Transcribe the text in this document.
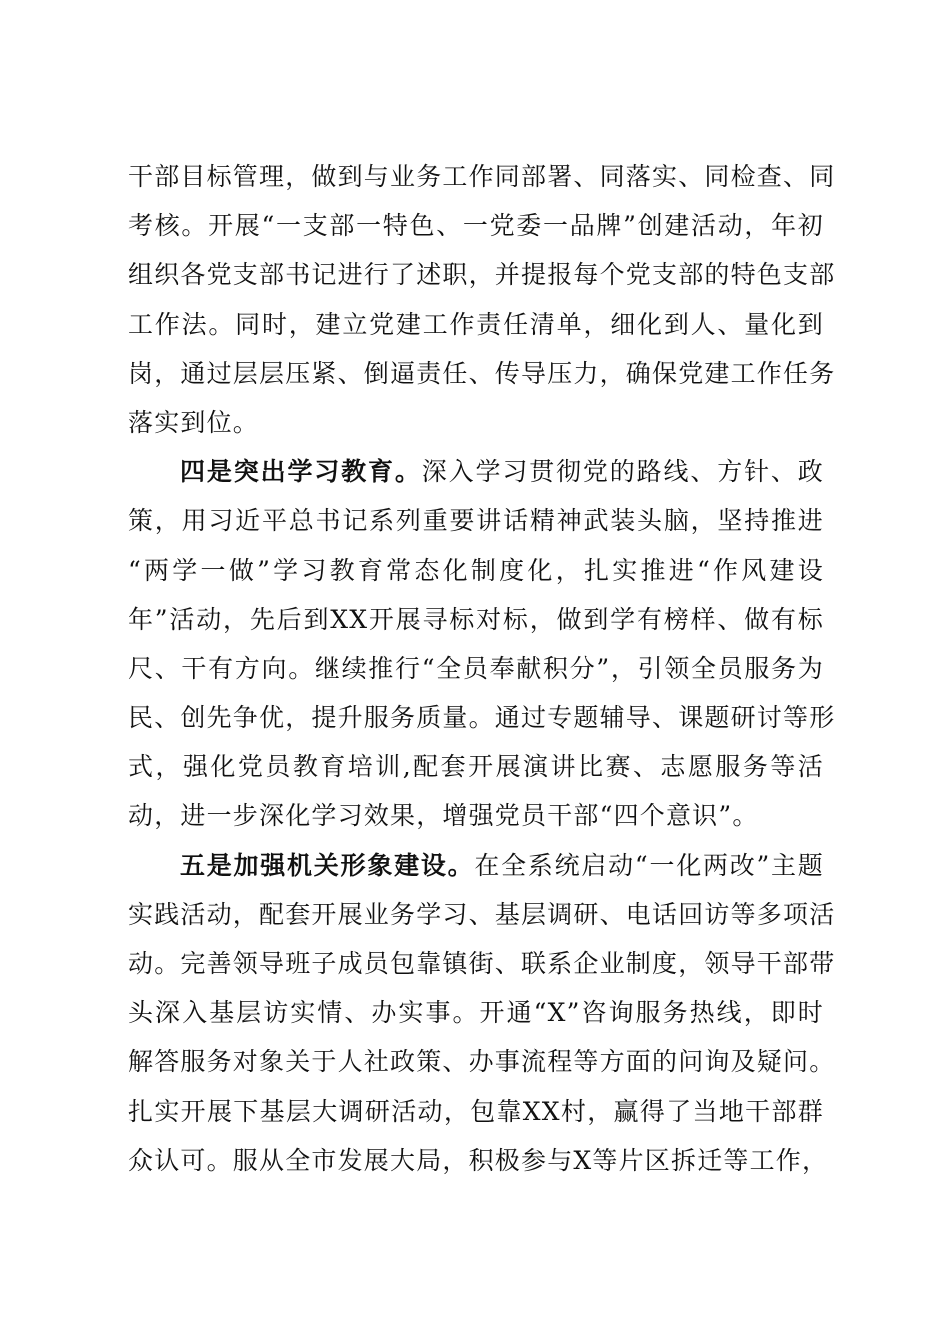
干部目标管理，做到与业务工作同部署、同落实、同检查、同
考核。开展“一支部一特色、一党委一品牌”创建活动，年初
组织各党支部书记进行了述职，并提报每个党支部的特色支部
工作法。同时，建立党建工作责任清单，细化到人、量化到
岗，通过层层压紧、倒逼责任、传导压力，确保党建工作任务
落实到位。
四是突出学习教育。深入学习贯彻党的路线、方针、政
策，用习近平总书记系列重要讲话精神武装头脑，坚持推进
“两学一做”学习教育常态化制度化，扎实推进“作风建设
年”活动，先后到XX开展寻标对标，做到学有榜样、做有标
尺、干有方向。继续推行“全员奉献积分”，引领全员服务为
民、创先争优，提升服务质量。通过专题辅导、课题研讨等形
式，强化党员教育培训,配套开展演讲比赛、志愿服务等活
动，进一步深化学习效果，增强党员干部“四个意识”。
五是加强机关形象建设。在全系统启动“一化两改”主题
实践活动，配套开展业务学习、基层调研、电话回访等多项活
动。完善领导班子成员包靠镇街、联系企业制度，领导干部带
头深入基层访实情、办实事。开通“X”咨询服务热线，即时
解答服务对象关于人社政策、办事流程等方面的问询及疑问。
扎实开展下基层大调研活动，包靠XX村，赢得了当地干部群
众认可。服从全市发展大局，积极参与X等片区拆迁等工作，
